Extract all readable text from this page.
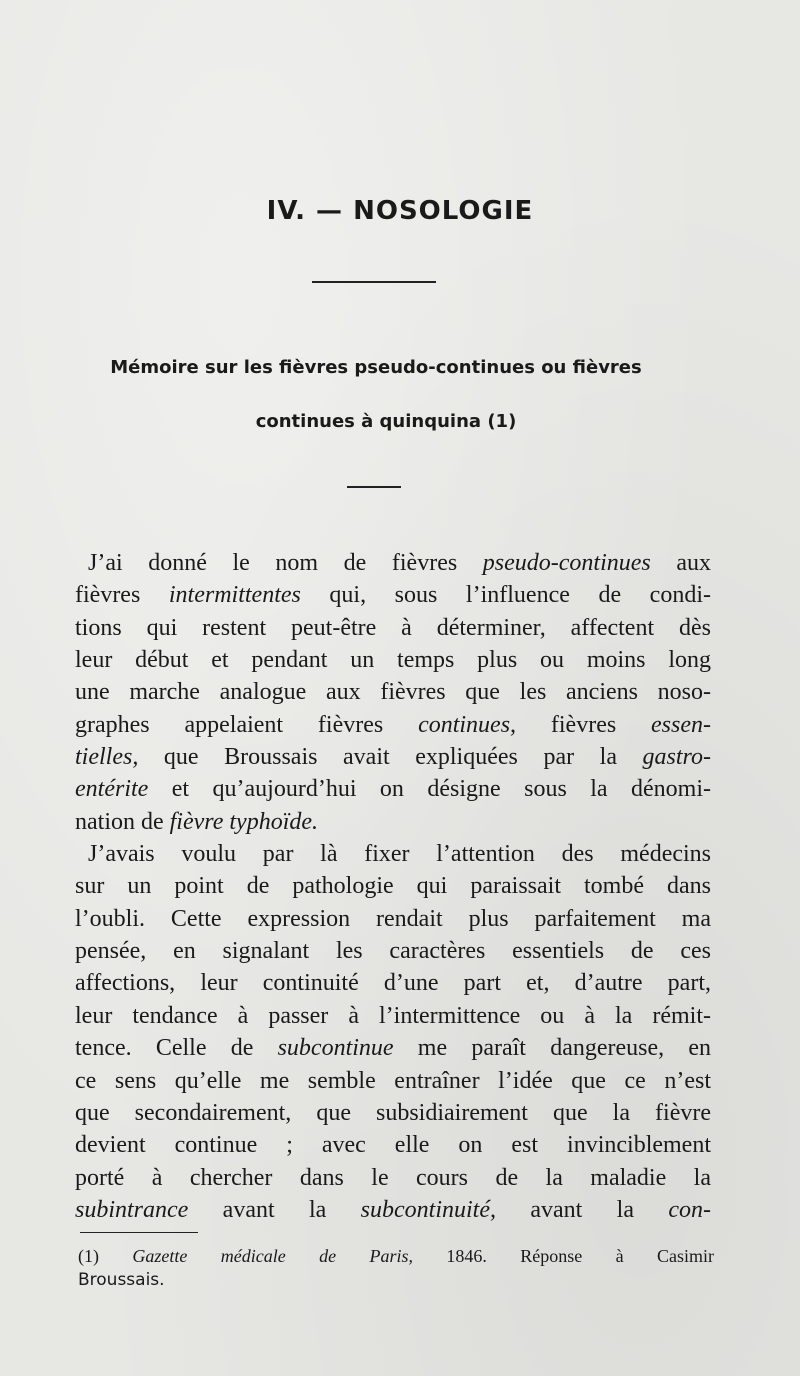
IV. — NOSOLOGIE
Mémoire sur les fièvres pseudo-continues ou fièvres
continues à quinquina (1)
J’ai donné le nom de fièvres pseudo-continues aux
fièvres intermittentes qui, sous l’influence de condi-
tions qui restent peut-être à déterminer, affectent dès
leur début et pendant un temps plus ou moins long
une marche analogue aux fièvres que les anciens noso-
graphes appelaient fièvres continues, fièvres essen-
tielles, que Broussais avait expliquées par la gastro-
entérite et qu’aujourd’hui on désigne sous la dénomi-
nation de fièvre typhoïde.
J’avais voulu par là fixer l’attention des médecins
sur un point de pathologie qui paraissait tombé dans
l’oubli. Cette expression rendait plus parfaitement ma
pensée, en signalant les caractères essentiels de ces
affections, leur continuité d’une part et, d’autre part,
leur tendance à passer à l’intermittence ou à la rémit-
tence. Celle de subcontinue me paraît dangereuse, en
ce sens qu’elle me semble entraîner l’idée que ce n’est
que secondairement, que subsidiairement que la fièvre
devient continue ; avec elle on est invinciblement
porté à chercher dans le cours de la maladie la
subintrance avant la subcontinuité, avant la con-
(1) Gazette médicale de Paris, 1846. Réponse à Casimir
Broussais.
